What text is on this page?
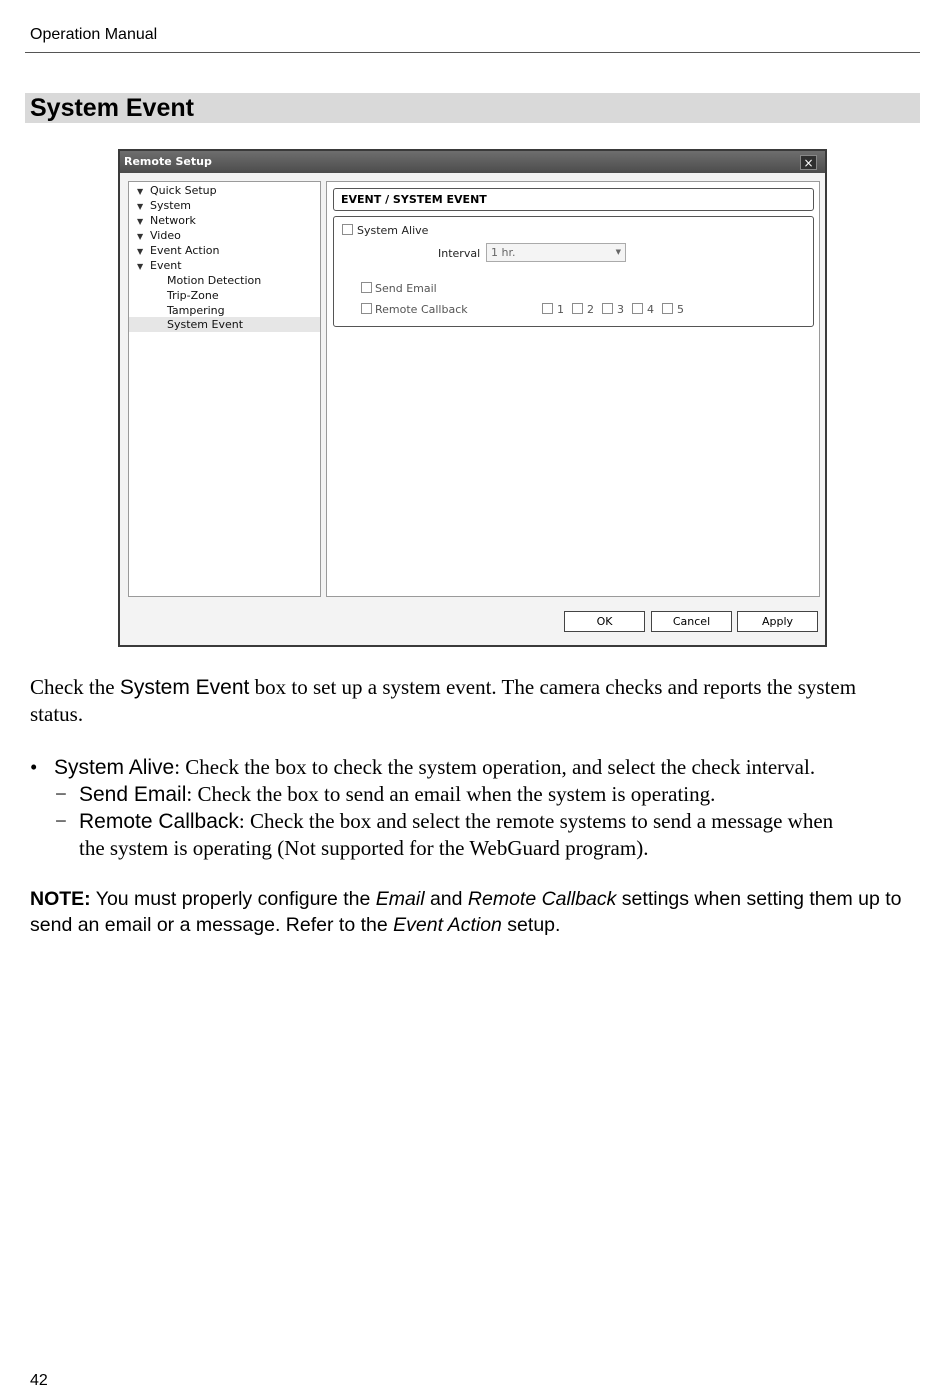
Operation Manual
System Event
Remote Setup	×
▼ Quick Setup
▼ System
▼ Network
▼ Video
▼ Event Action
▼ Event
Motion Detection
Trip-Zone
Tampering
System Event
EVENT / SYSTEM EVENT
System Alive
Interval 1 hr.	▼
Send Email
Remote Callback	1 2 3 4 5
OK	Cancel	Apply
Check the System Event box to set up a system event. The camera checks and reports the system
status.
• System Alive: Check the box to check the system operation, and select the check interval.
− Send Email: Check the box to send an email when the system is operating.
− Remote Callback: Check the box and select the remote systems to send a message when
the system is operating (Not supported for the WebGuard program).
NOTE: You must properly configure the Email and Remote Callback settings when setting them up to send an email or a message. Refer to the Event Action setup.
42
